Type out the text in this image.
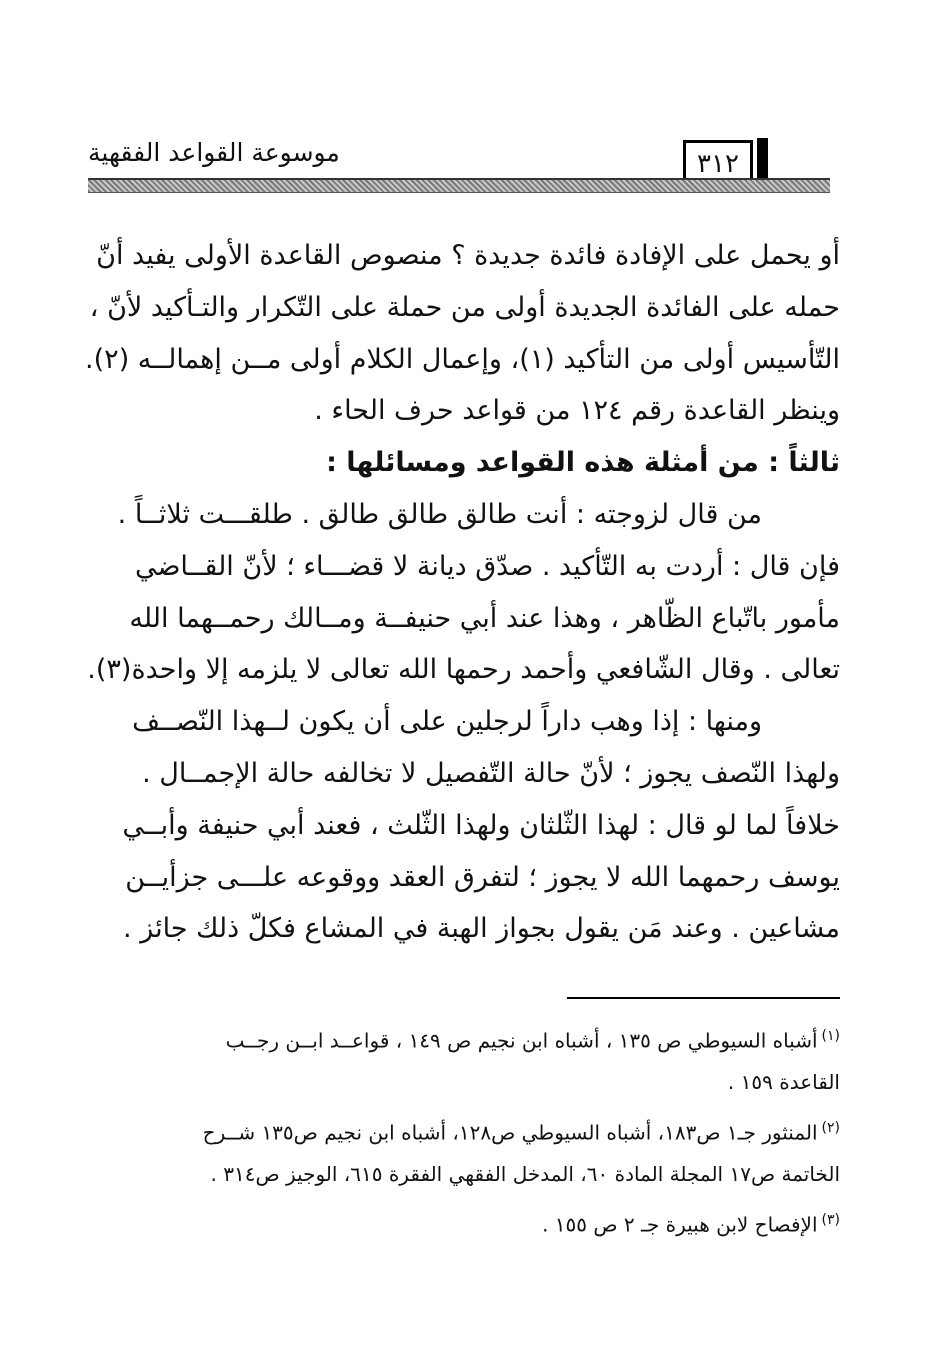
موسوعة القواعد الفقهية	٣١٢
أو يحمل على الإفادة فائدة جديدة ؟ منصوص القاعدة الأولى يفيد أنّ
حمله على الفائدة الجديدة أولى من حملة على التّكرار والتـأكيد لأنّ ،
التّأسيس أولى من التأكيد (١)، وإعمال الكلام أولى مــن إهمالــه (٢).
وينظر القاعدة رقم ١٢٤ من قواعد حرف الحاء .
ثالثاً : من أمثلة هذه القواعد ومسائلها :
من قال لزوجته : أنت طالق طالق طالق . طلقـــت ثلاثــاً .
فإن قال : أردت به التّأكيد . صدّق ديانة لا قضـــاء ؛ لأنّ القــاضي
مأمور باتّباع الظّاهر ، وهذا عند أبي حنيفــة ومــالك رحمــهما الله
تعالى . وقال الشّافعي وأحمد رحمها الله تعالى لا يلزمه إلا واحدة(٣).
ومنها : إذا وهب داراً لرجلين على أن يكون لــهذا النّصــف
ولهذا النّصف يجوز ؛ لأنّ حالة التّفصيل لا تخالفه حالة الإجمــال .
خلافاً لما لو قال : لهذا الثّلثان ولهذا الثّلث ، فعند أبي حنيفة وأبــي
يوسف رحمهما الله لا يجوز ؛ لتفرق العقد ووقوعه علـــى جزأيــن
مشاعين . وعند مَن يقول بجواز الهبة في المشاع فكلّ ذلك جائز .
$^{(١)}$أشباه السيوطي ص ١٣٥ ، أشباه ابن نجيم ص ١٤٩ ، قواعــد ابــن رجــب
القاعدة ١٥٩ .
$^{(٢)}$المنثور جـ١ ص١٨٣، أشباه السيوطي ص١٢٨، أشباه ابن نجيم ص١٣٥ شــرح
الخاتمة ص١٧ المجلة المادة ٦٠، المدخل الفقهي الفقرة ٦١٥، الوجيز ص٣١٤ .
$^{(٣)}$الإفصاح لابن هبيرة جـ ٢ ص ١٥٥ .
